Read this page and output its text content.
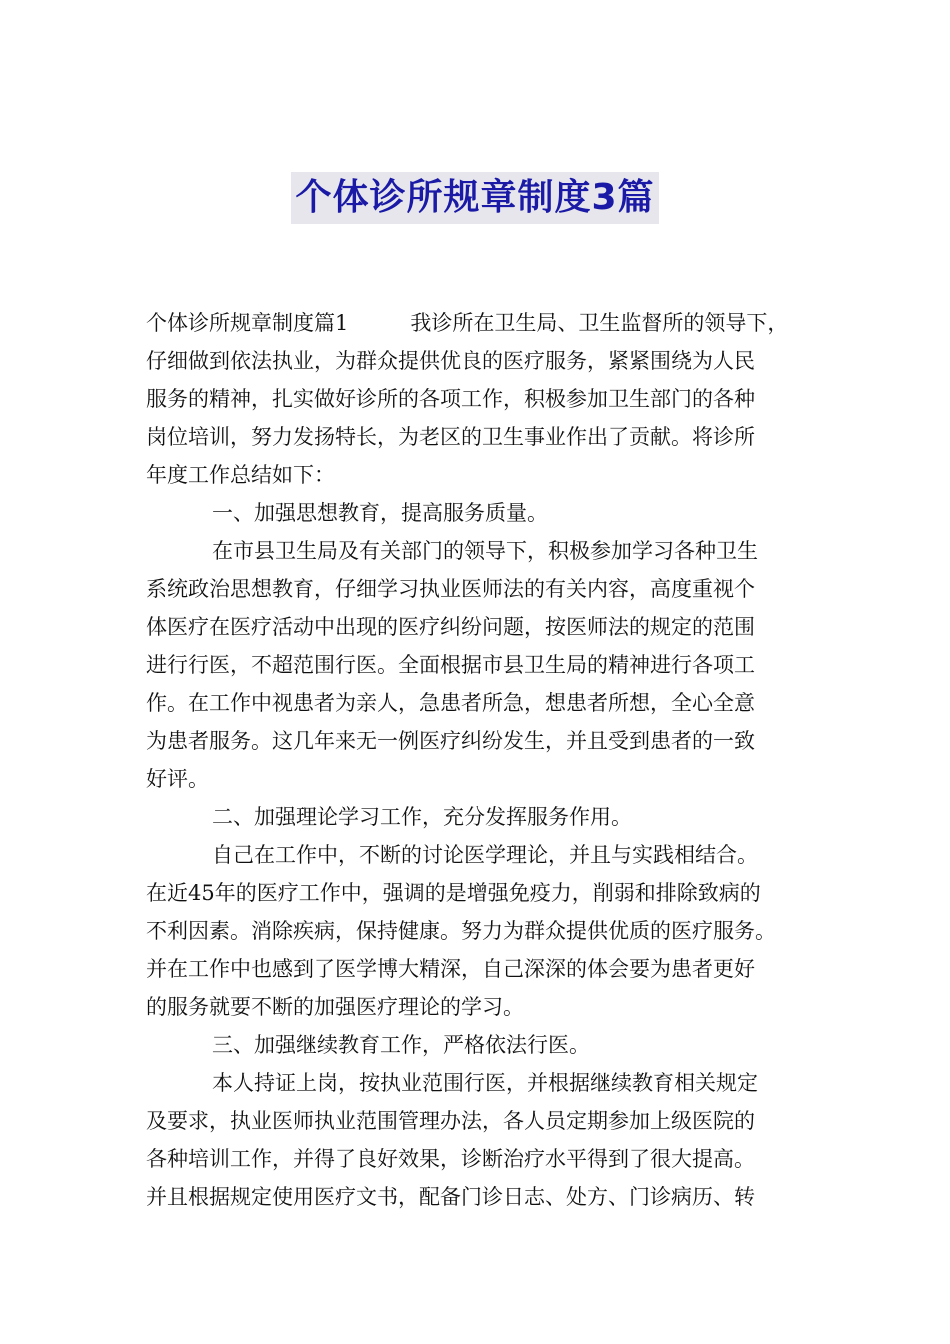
个体诊所规章制度3篇
个体诊所规章制度篇1	我诊所在卫生局、卫生监督所的领导下，
仔细做到依法执业，为群众提供优良的医疗服务，紧紧围绕为人民
服务的精神，扎实做好诊所的各项工作，积极参加卫生部门的各种
岗位培训，努力发扬特长，为老区的卫生事业作出了贡献。将诊所
年度工作总结如下：
一、加强思想教育，提高服务质量。
在市县卫生局及有关部门的领导下，积极参加学习各种卫生
系统政治思想教育，仔细学习执业医师法的有关内容，高度重视个
体医疗在医疗活动中出现的医疗纠纷问题，按医师法的规定的范围
进行行医，不超范围行医。全面根据市县卫生局的精神进行各项工
作。在工作中视患者为亲人，急患者所急，想患者所想，全心全意
为患者服务。这几年来无一例医疗纠纷发生，并且受到患者的一致
好评。
二、加强理论学习工作，充分发挥服务作用。
自己在工作中，不断的讨论医学理论，并且与实践相结合。
在近45年的医疗工作中，强调的是增强免疫力，削弱和排除致病的
不利因素。消除疾病，保持健康。努力为群众提供优质的医疗服务。
并在工作中也感到了医学博大精深，自己深深的体会要为患者更好
的服务就要不断的加强医疗理论的学习。
三、加强继续教育工作，严格依法行医。
本人持证上岗，按执业范围行医，并根据继续教育相关规定
及要求，执业医师执业范围管理办法，各人员定期参加上级医院的
各种培训工作，并得了良好效果，诊断治疗水平得到了很大提高。
并且根据规定使用医疗文书，配备门诊日志、处方、门诊病历、转
